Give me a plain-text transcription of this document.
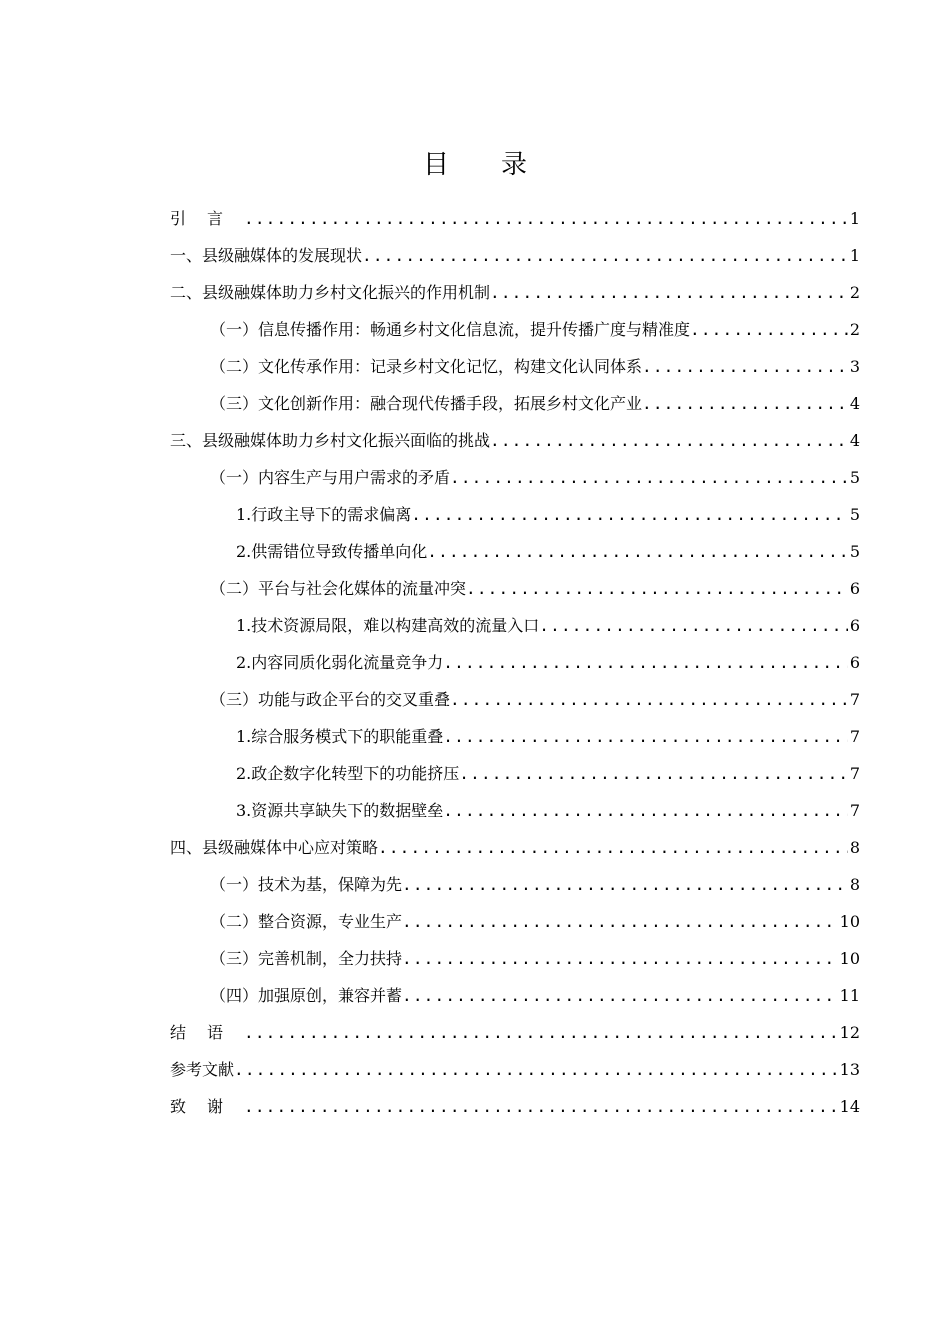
目 录
引言 .....	1
一、县级融媒体的发展现状 .....	1
二、县级融媒体助力乡村文化振兴的作用机制 .....	2
（一）信息传播作用：畅通乡村文化信息流，提升传播广度与精准度 .....	2
（二）文化传承作用：记录乡村文化记忆，构建文化认同体系 .....	3
（三）文化创新作用：融合现代传播手段，拓展乡村文化产业 .....	4
三、县级融媒体助力乡村文化振兴面临的挑战 .....	4
（一）内容生产与用户需求的矛盾 .....	5
1.行政主导下的需求偏离 .....	5
2.供需错位导致传播单向化 .....	5
（二）平台与社会化媒体的流量冲突 .....	6
1.技术资源局限，难以构建高效的流量入口 .....	6
2.内容同质化弱化流量竞争力 .....	6
（三）功能与政企平台的交叉重叠 .....	7
1.综合服务模式下的职能重叠 .....	7
2.政企数字化转型下的功能挤压 .....	7
3.资源共享缺失下的数据壁垒 .....	7
四、县级融媒体中心应对策略 .....	8
（一）技术为基，保障为先 .....	8
（二）整合资源，专业生产 .....	10
（三）完善机制，全力扶持 .....	10
（四）加强原创，兼容并蓄 .....	11
结语 .....	12
参考文献 .....	13
致谢 .....	14
